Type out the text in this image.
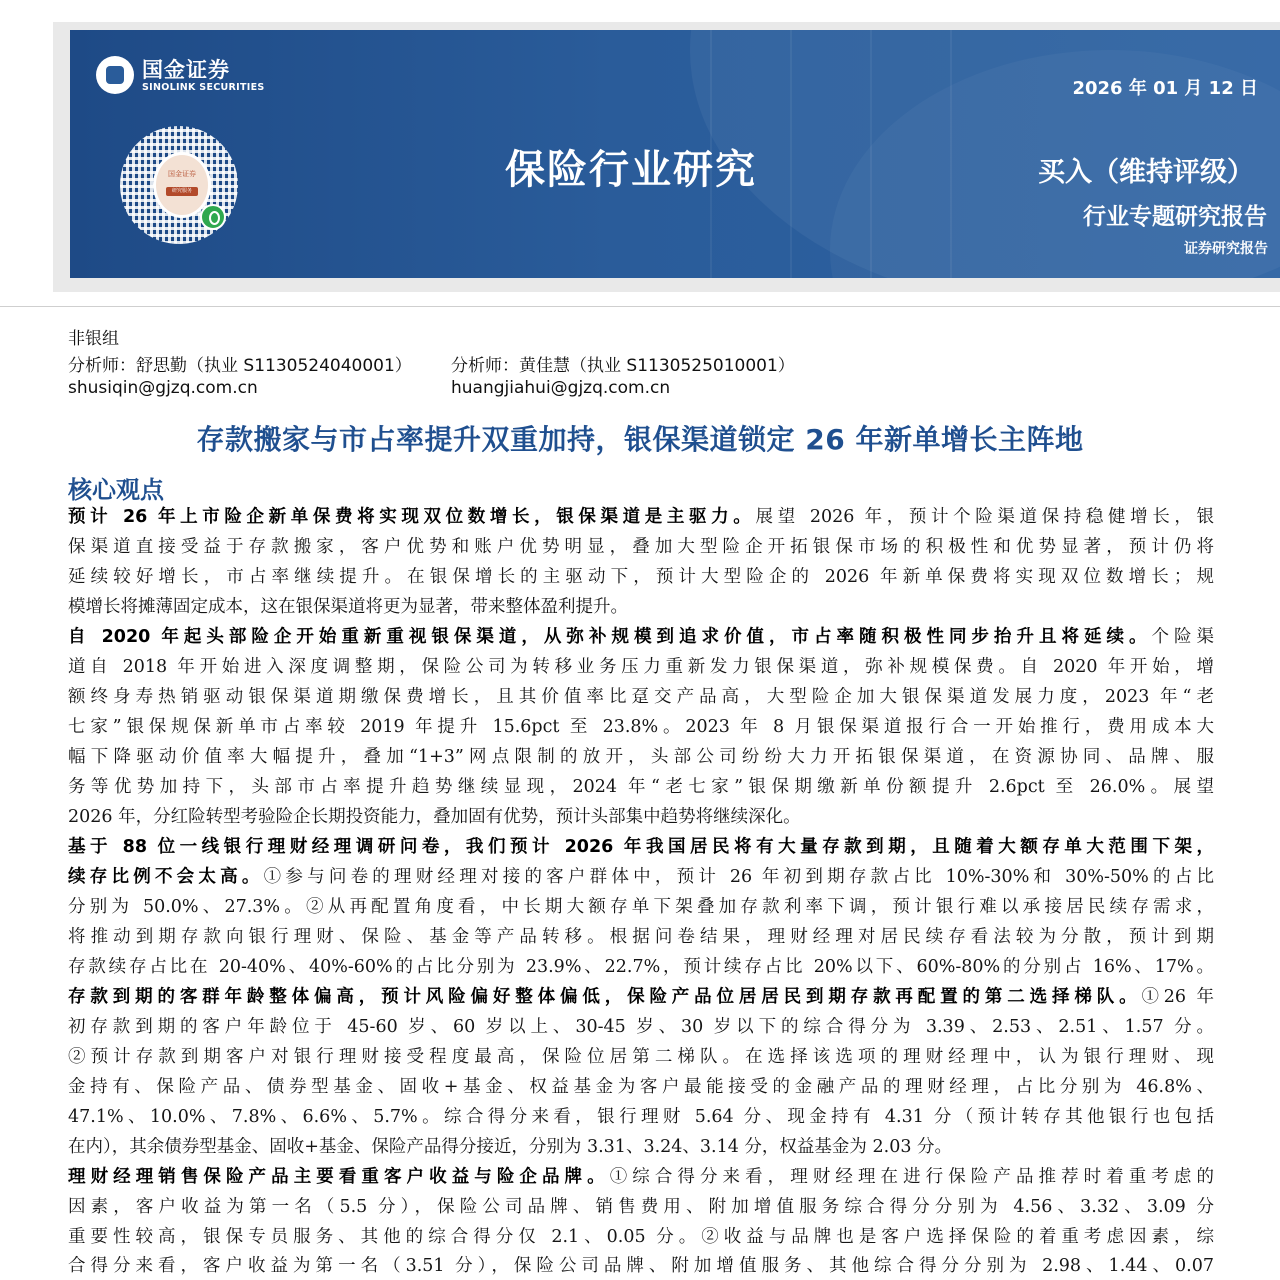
国金证券
SINOLINK SECURITIES
国金证券
研究服务
2026 年 01 月 12 日
保险行业研究	买入（维持评级）
行业专题研究报告
证券研究报告
非银组
分析师：舒思勤（执业 S1130524040001） 分析师：黄佳慧（执业 S1130525010001）
shusiqin@gjzq.com.cn	huangjiahui@gjzq.com.cn
存款搬家与市占率提升双重加持，银保渠道锁定 26 年新单增长主阵地
核心观点
预计 26 年上市险企新单保费将实现双位数增长，银保渠道是主驱力。展望 2026 年，预计个险渠道保持稳健增长，银
保渠道直接受益于存款搬家，客户优势和账户优势明显，叠加大型险企开拓银保市场的积极性和优势显著，预计仍将
延续较好增长，市占率继续提升。在银保增长的主驱动下，预计大型险企的 2026 年新单保费将实现双位数增长；规
模增长将摊薄固定成本，这在银保渠道将更为显著，带来整体盈利提升。
自 2020 年起头部险企开始重新重视银保渠道，从弥补规模到追求价值，市占率随积极性同步抬升且将延续。个险渠
道自 2018 年开始进入深度调整期，保险公司为转移业务压力重新发力银保渠道，弥补规模保费。自 2020 年开始，增
额终身寿热销驱动银保渠道期缴保费增长，且其价值率比趸交产品高，大型险企加大银保渠道发展力度，2023 年“老
七家”银保规保新单市占率较 2019 年提升 15.6pct 至 23.8%。2023 年 8 月银保渠道报行合一开始推行，费用成本大
幅下降驱动价值率大幅提升，叠加“1+3”网点限制的放开，头部公司纷纷大力开拓银保渠道，在资源协同、品牌、服
务等优势加持下，头部市占率提升趋势继续显现，2024 年“老七家”银保期缴新单份额提升 2.6pct 至 26.0%。展望
2026 年，分红险转型考验险企长期投资能力，叠加固有优势，预计头部集中趋势将继续深化。
基于 88 位一线银行理财经理调研问卷，我们预计 2026 年我国居民将有大量存款到期，且随着大额存单大范围下架，
续存比例不会太高。①参与问卷的理财经理对接的客户群体中，预计 26 年初到期存款占比 10%-30%和 30%-50%的占比
分别为 50.0%、27.3%。②从再配置角度看，中长期大额存单下架叠加存款利率下调，预计银行难以承接居民续存需求，
将推动到期存款向银行理财、保险、基金等产品转移。根据问卷结果，理财经理对居民续存看法较为分散，预计到期
存款续存占比在 20-40%、40%-60%的占比分别为 23.9%、22.7%，预计续存占比 20%以下、60%-80%的分别占 16%、17%。
存款到期的客群年龄整体偏高，预计风险偏好整体偏低，保险产品位居居民到期存款再配置的第二选择梯队。①26 年
初存款到期的客户年龄位于 45-60 岁、60 岁以上、30-45 岁、30 岁以下的综合得分为 3.39、2.53、2.51、1.57 分。
②预计存款到期客户对银行理财接受程度最高，保险位居第二梯队。在选择该选项的理财经理中，认为银行理财、现
金持有、保险产品、债券型基金、固收+基金、权益基金为客户最能接受的金融产品的理财经理，占比分别为 46.8%、
47.1%、10.0%、7.8%、6.6%、5.7%。综合得分来看，银行理财 5.64 分、现金持有 4.31 分（预计转存其他银行也包括
在内），其余债券型基金、固收+基金、保险产品得分接近，分别为 3.31、3.24、3.14 分，权益基金为 2.03 分。
理财经理销售保险产品主要看重客户收益与险企品牌。①综合得分来看，理财经理在进行保险产品推荐时着重考虑的
因素，客户收益为第一名（5.5 分），保险公司品牌、销售费用、附加增值服务综合得分分别为 4.56、3.32、3.09 分
重要性较高，银保专员服务、其他的综合得分仅 2.1、0.05 分。②收益与品牌也是客户选择保险的着重考虑因素，综
合得分来看，客户收益为第一名（3.51 分），保险公司品牌、附加增值服务、其他综合得分分别为 2.98、1.44、0.07
